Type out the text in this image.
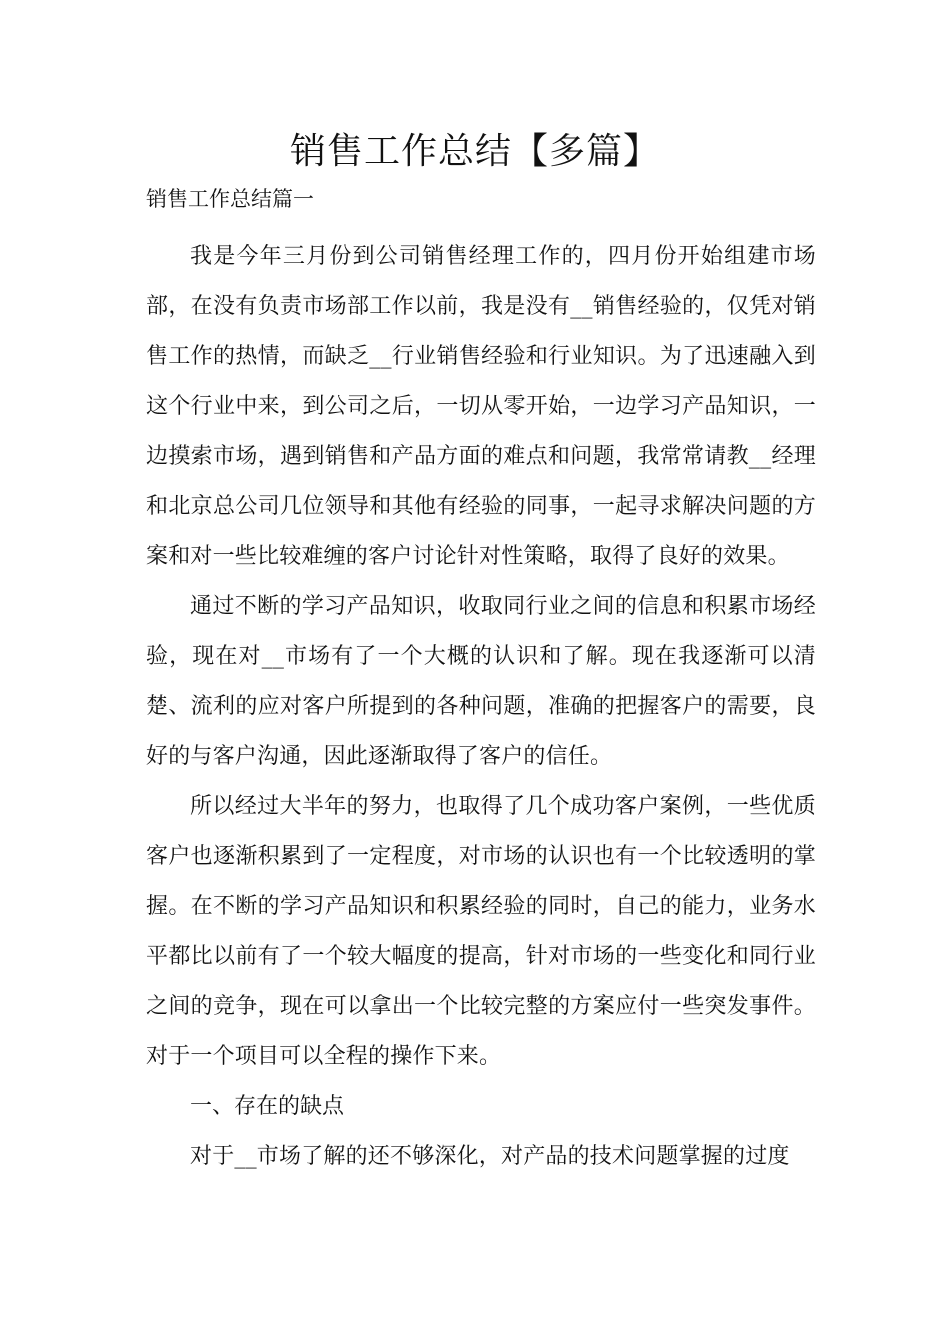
销售工作总结【多篇】

销售工作总结篇一

我是今年三月份到公司销售经理工作的，四月份开始组建市场部，在没有负责市场部工作以前，我是没有__销售经验的，仅凭对销售工作的热情，而缺乏__行业销售经验和行业知识。为了迅速融入到这个行业中来，到公司之后，一切从零开始，一边学习产品知识，一边摸索市场，遇到销售和产品方面的难点和问题，我常常请教__经理和北京总公司几位领导和其他有经验的同事，一起寻求解决问题的方案和对一些比较难缠的客户讨论针对性策略，取得了良好的效果。

通过不断的学习产品知识，收取同行业之间的信息和积累市场经验，现在对__市场有了一个大概的认识和了解。现在我逐渐可以清楚、流利的应对客户所提到的各种问题，准确的把握客户的需要，良好的与客户沟通，因此逐渐取得了客户的信任。

所以经过大半年的努力，也取得了几个成功客户案例，一些优质客户也逐渐积累到了一定程度，对市场的认识也有一个比较透明的掌握。在不断的学习产品知识和积累经验的同时，自己的能力，业务水平都比以前有了一个较大幅度的提高，针对市场的一些变化和同行业之间的竞争，现在可以拿出一个比较完整的方案应付一些突发事件。对于一个项目可以全程的操作下来。

一、存在的缺点

对于__市场了解的还不够深化，对产品的技术问题掌握的过度
